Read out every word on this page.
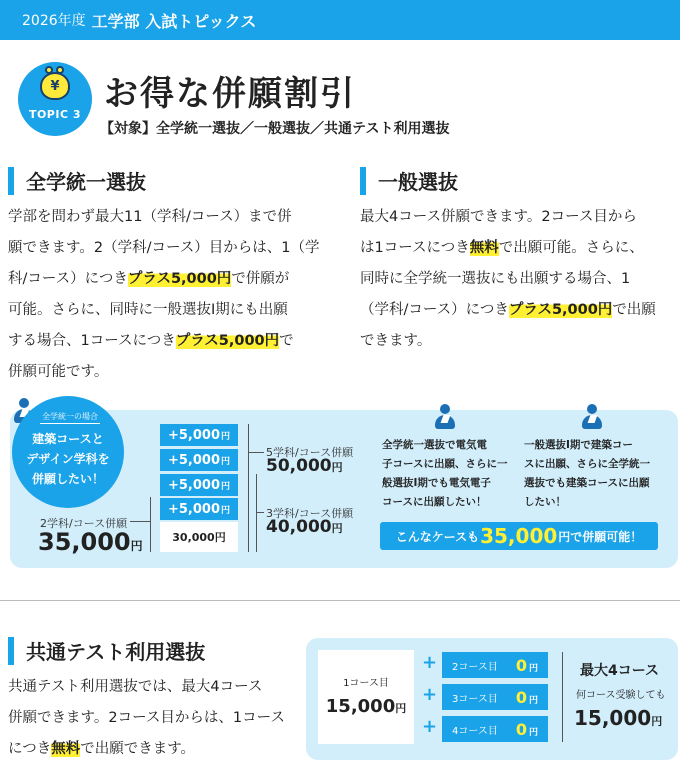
2026年度 工学部 入試トピックス
¥
TOPIC 3
お得な併願割引
【対象】全学統一選抜／一般選抜／共通テスト利用選抜
全学統一選抜
学部を問わず最大11（学科/コース）まで併
願できます。2（学科/コース）目からは、1（学
科/コース）につきプラス5,000円で併願が
可能。さらに、同時に一般選抜Ⅰ期にも出願
する場合、1コースにつきプラス5,000円で
併願可能です。
一般選抜
最大4コース併願できます。2コース目から
は1コースにつき無料で出願可能。さらに、
同時に全学統一選抜にも出願する場合、1
（学科/コース）につきプラス5,000円で出願
できます。
全学統一の場合
建築コースと
デザイン学科を
併願したい！
2学科/コース併願
35,000円
+5,000 円
+5,000 円
+5,000 円
+5,000 円
30,000円
5学科/コース併願
50,000円
3学科/コース併願
40,000円
全学統一選抜で電気電
子コースに出願、さらに一
般選抜Ⅰ期でも電気電子
コースに出願したい！
一般選抜Ⅰ期で建築コー
スに出願、さらに全学統一
選抜でも建築コースに出願
したい！
こんなケースも 35,000 円で併願可能！
共通テスト利用選抜
共通テスト利用選抜では、最大4コース
併願できます。2コース目からは、1コース
につき無料で出願できます。
1コース目
15,000円
+
+
+
2コース目 0 円
3コース目 0 円
4コース目 0 円
最大4コース
何コース受験しても
15,000円
